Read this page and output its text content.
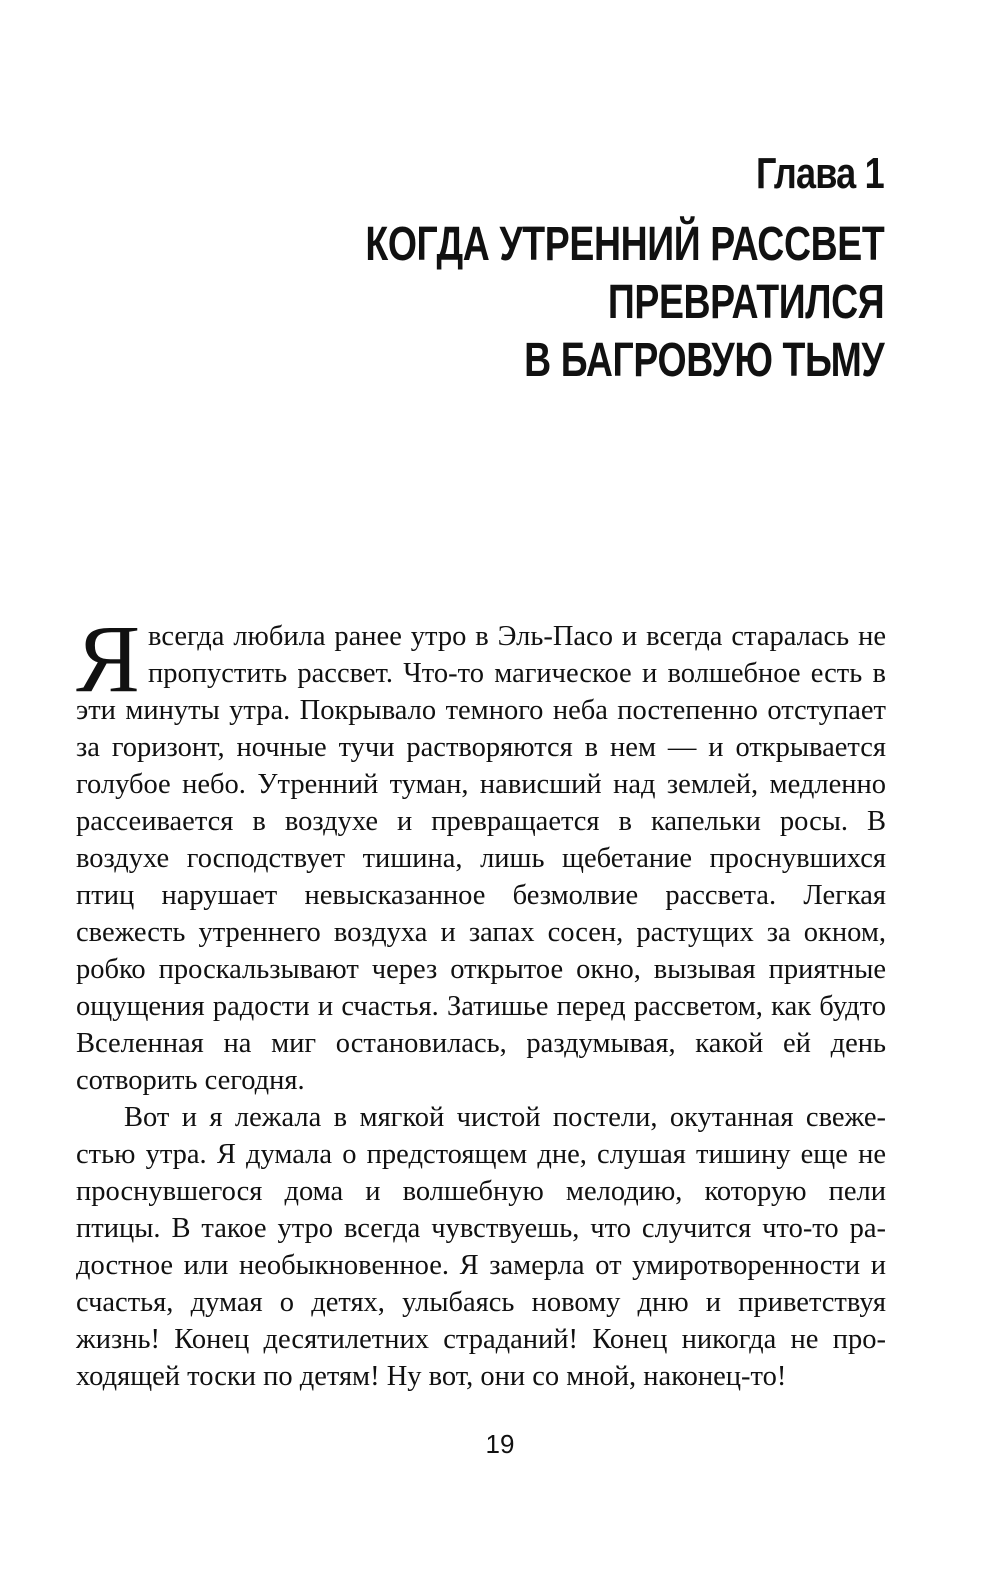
Глава 1
КОГДА УТРЕННИЙ РАССВЕТ
ПРЕВРАТИЛСЯ
В БАГРОВУЮ ТЬМУ

Я всегда любила ранее утро в Эль-Пасо и всегда старалась не пропустить рассвет. Что-то магическое и волшебное есть в эти минуты утра. Покрывало темного неба постепенно отступает за горизонт, ночные тучи растворяются в нем — и открывается голубое небо. Утренний туман, нависший над землей, медленно рассеивается в воздухе и превращается в капельки росы. В воздухе господствует тишина, лишь щебетание проснувшихся птиц нарушает невысказанное безмолвие рассвета. Легкая свежесть утреннего воздуха и запах сосен, растущих за окном, робко проскальзывают через открытое окно, вызывая приятные ощущения радости и счастья. Затишье перед рассветом, как будто Вселенная на миг остановилась, раздумывая, какой ей день сотворить сегодня.

Вот и я лежала в мягкой чистой постели, окутанная свежестью утра. Я думала о предстоящем дне, слушая тишину еще не проснувшегося дома и волшебную мелодию, которую пели птицы. В такое утро всегда чувствуешь, что случится что-то радостное или необыкновенное. Я замерла от умиротворенности и счастья, думая о детях, улыбаясь новому дню и приветствуя жизнь! Конец десятилетних страданий! Конец никогда не проходящей тоски по детям! Ну вот, они со мной, наконец-то!

19
